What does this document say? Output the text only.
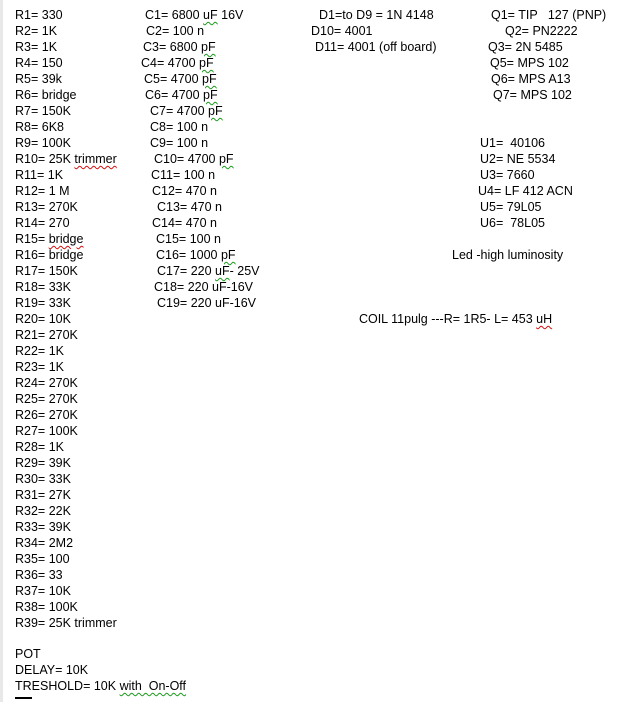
R1= 330
R2= 1K
R3= 1K
R4= 150
R5= 39k
R6= bridge
R7= 150K
R8= 6K8
R9= 100K
R10= 25K trimmer
R11= 1K
R12= 1 M
R13= 270K
R14= 270
R15= bridge
R16= bridge
R17= 150K
R18= 33K
R19= 33K
R20= 10K
R21= 270K
R22= 1K
R23= 1K
R24= 270K
R25= 270K
R26= 270K
R27= 100K
R28= 1K
R29= 39K
R30= 33K
R31= 27K
R32= 22K
R33= 39K
R34= 2M2
R35= 100
R36= 33
R37= 10K
R38= 100K
R39= 25K trimmer
C1= 6800 uF 16V
C2= 100 n
C3= 6800 pF
C4= 4700 pF
C5= 4700 pF
C6= 4700 pF
C7= 4700 pF
C8= 100 n
C9= 100 n
C10= 4700 pF
C11= 100 n
C12= 470 n
C13= 470 n
C14= 470 n
C15= 100 n
C16= 1000 pF
C17= 220 uF- 25V
C18= 220 uF-16V
C19= 220 uF-16V
D1=to D9 = 1N 4148
D10= 4001
D11= 4001 (off board)
Q1= TIP   127 (PNP)
Q2= PN2222
Q3= 2N 5485
Q5= MPS 102
Q6= MPS A13
Q7= MPS 102
U1=  40106
U2= NE 5534
U3= 7660
U4= LF 412 ACN
U5= 79L05
U6=  78L05
Led -high luminosity

COIL 11pulg ---R= 1R5- L= 453 uH

POT
DELAY= 10K
TRESHOLD= 10K with  On-Off
